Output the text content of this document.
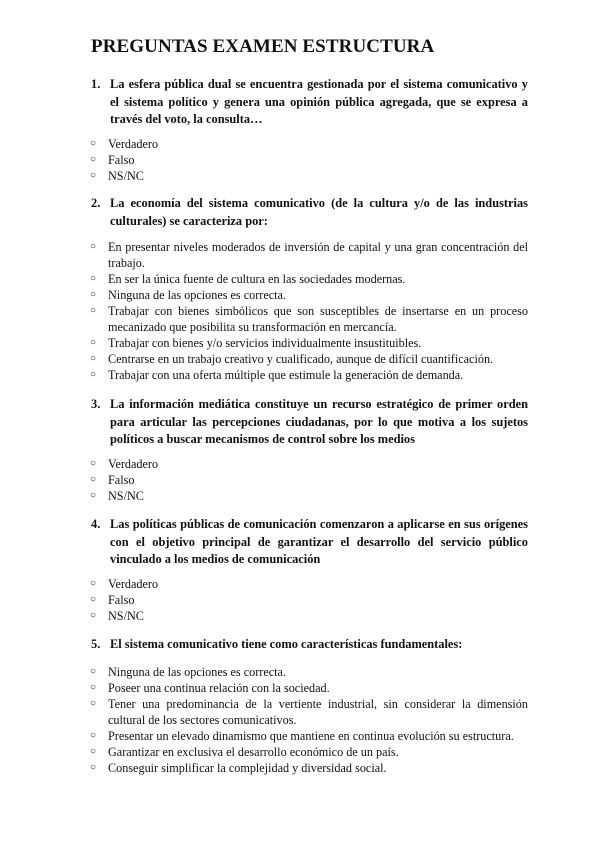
PREGUNTAS EXAMEN ESTRUCTURA
1. La esfera pública dual se encuentra gestionada por el sistema comunicativo y el sistema político y genera una opinión pública agregada, que se expresa a través del voto, la consulta…
○ Verdadero
○ Falso
○ NS/NC
2. La economía del sistema comunicativo (de la cultura y/o de las industrias culturales) se caracteriza por:
○ En presentar niveles moderados de inversión de capital y una gran concentración del trabajo.
○ En ser la única fuente de cultura en las sociedades modernas.
○ Ninguna de las opciones es correcta.
○ Trabajar con bienes simbólicos que son susceptibles de insertarse en un proceso mecanizado que posibilita su transformación en mercancía.
○ Trabajar con bienes y/o servicios individualmente insustituibles.
○ Centrarse en un trabajo creativo y cualificado, aunque de difícil cuantificación.
○ Trabajar con una oferta múltiple que estimule la generación de demanda.
3. La información mediática constituye un recurso estratégico de primer orden para articular las percepciones ciudadanas, por lo que motiva a los sujetos políticos a buscar mecanismos de control sobre los medios
○ Verdadero
○ Falso
○ NS/NC
4. Las políticas públicas de comunicación comenzaron a aplicarse en sus orígenes con el objetivo principal de garantizar el desarrollo del servicio público vinculado a los medios de comunicación
○ Verdadero
○ Falso
○ NS/NC
5. El sistema comunicativo tiene como características fundamentales:
○ Ninguna de las opciones es correcta.
○ Poseer una continua relación con la sociedad.
○ Tener una predominancia de la vertiente industrial, sin considerar la dimensión cultural de los sectores comunicativos.
○ Presentar un elevado dinamismo que mantiene en continua evolución su estructura.
○ Garantizar en exclusiva el desarrollo económico de un país.
○ Conseguir simplificar la complejidad y diversidad social.
